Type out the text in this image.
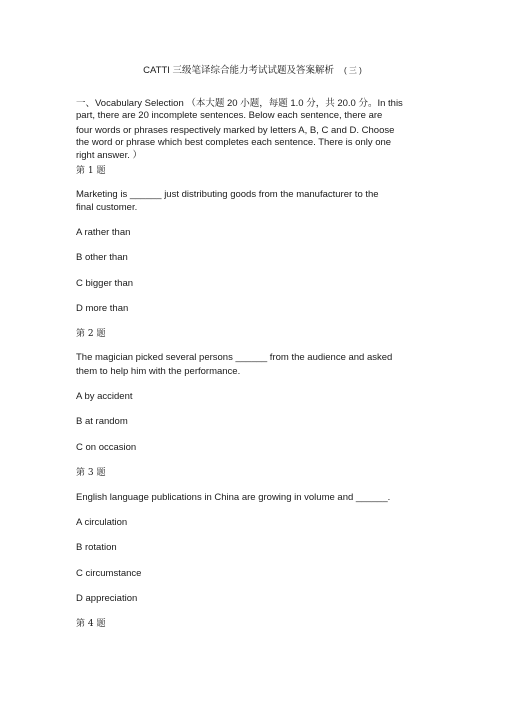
CATTI 三级笔译综合能力考试试题及答案解析 ( 三 )
一、Vocabulary Selection （本大题 20 小题，每题 1.0 分，共 20.0 分。In this
part, there are 20 incomplete sentences. Below each sentence, there are
four words or phrases respectively marked by letters A, B, C and D. Choose
the word or phrase which best completes each sentence. There is only one
right answer. ）
第 1 题
Marketing is ______ just distributing goods from the manufacturer to the
final customer.
A rather than
B other than
C bigger than
D more than
第 2 题
The magician picked several persons ______ from the audience and asked
them to help him with the performance.
A by accident
B at random
C on occasion
第 3 题
English language publications in China are growing in volume and ______.
A circulation
B rotation
C circumstance
D appreciation
第 4 题
